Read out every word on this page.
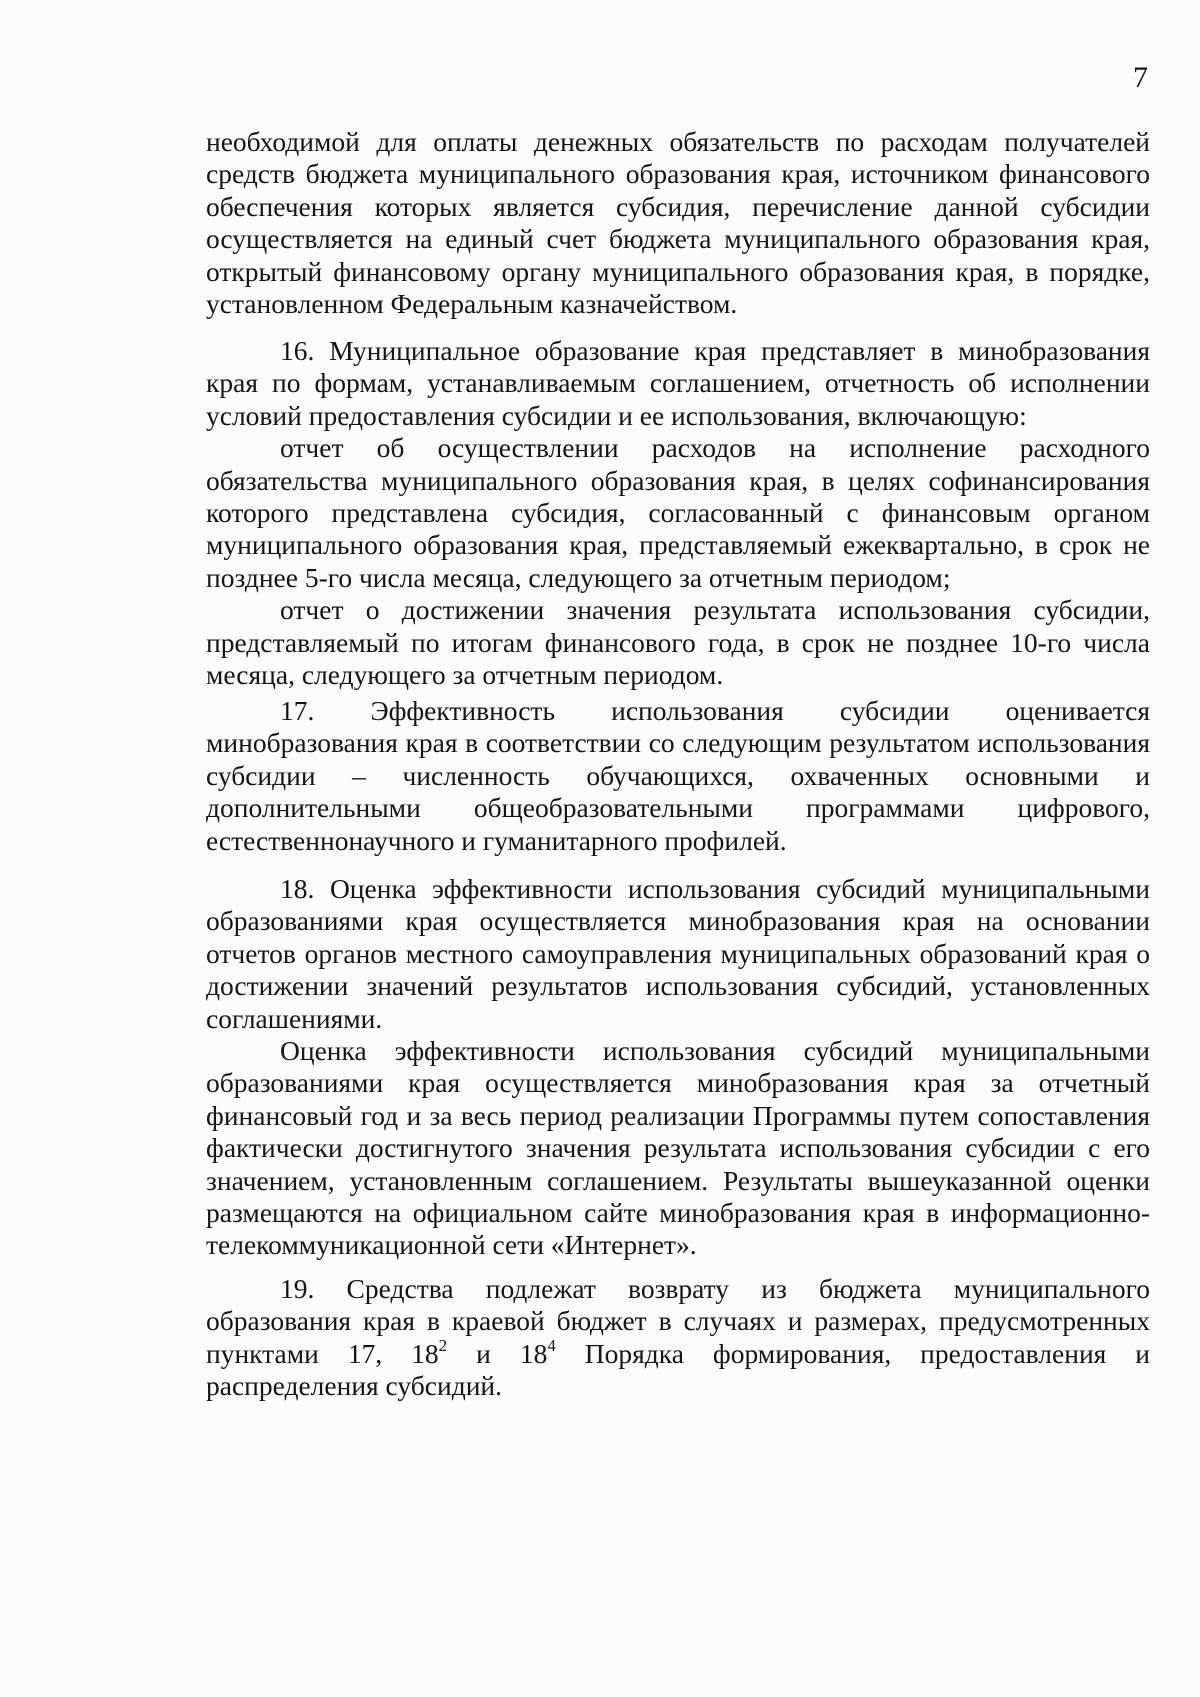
7

необходимой для оплаты денежных обязательств по расходам получателей средств бюджета муниципального образования края, источником финансового обеспечения которых является субсидия, перечисление данной субсидии осуществляется на единый счет бюджета муниципального образования края, открытый финансовому органу муниципального образования края, в порядке, установленном Федеральным казначейством.

16. Муниципальное образование края представляет в минобразования края по формам, устанавливаемым соглашением, отчетность об исполнении условий предоставления субсидии и ее использования, включающую:

отчет об осуществлении расходов на исполнение расходного обязательства муниципального образования края, в целях софинансирования которого представлена субсидия, согласованный с финансовым органом муниципального образования края, представляемый ежеквартально, в срок не позднее 5-го числа месяца, следующего за отчетным периодом;

отчет о достижении значения результата использования субсидии, представляемый по итогам финансового года, в срок не позднее 10-го числа месяца, следующего за отчетным периодом.

17. Эффективность использования субсидии оценивается минобразования края в соответствии со следующим результатом использования субсидии – численность обучающихся, охваченных основными и дополнительными общеобразовательными программами цифрового, естественнонаучного и гуманитарного профилей.

18. Оценка эффективности использования субсидий муниципальными образованиями края осуществляется минобразования края на основании отчетов органов местного самоуправления муниципальных образований края о достижении значений результатов использования субсидий, установленных соглашениями.

Оценка эффективности использования субсидий муниципальными образованиями края осуществляется минобразования края за отчетный финансовый год и за весь период реализации Программы путем сопоставления фактически достигнутого значения результата использования субсидии с его значением, установленным соглашением. Результаты вышеуказанной оценки размещаются на официальном сайте минобразования края в информационно-телекоммуникационной сети «Интернет».

19. Средства подлежат возврату из бюджета муниципального образования края в краевой бюджет в случаях и размерах, предусмотренных пунктами 17, $18^2$ и $18^4$ Порядка формирования, предоставления и распределения субсидий.
